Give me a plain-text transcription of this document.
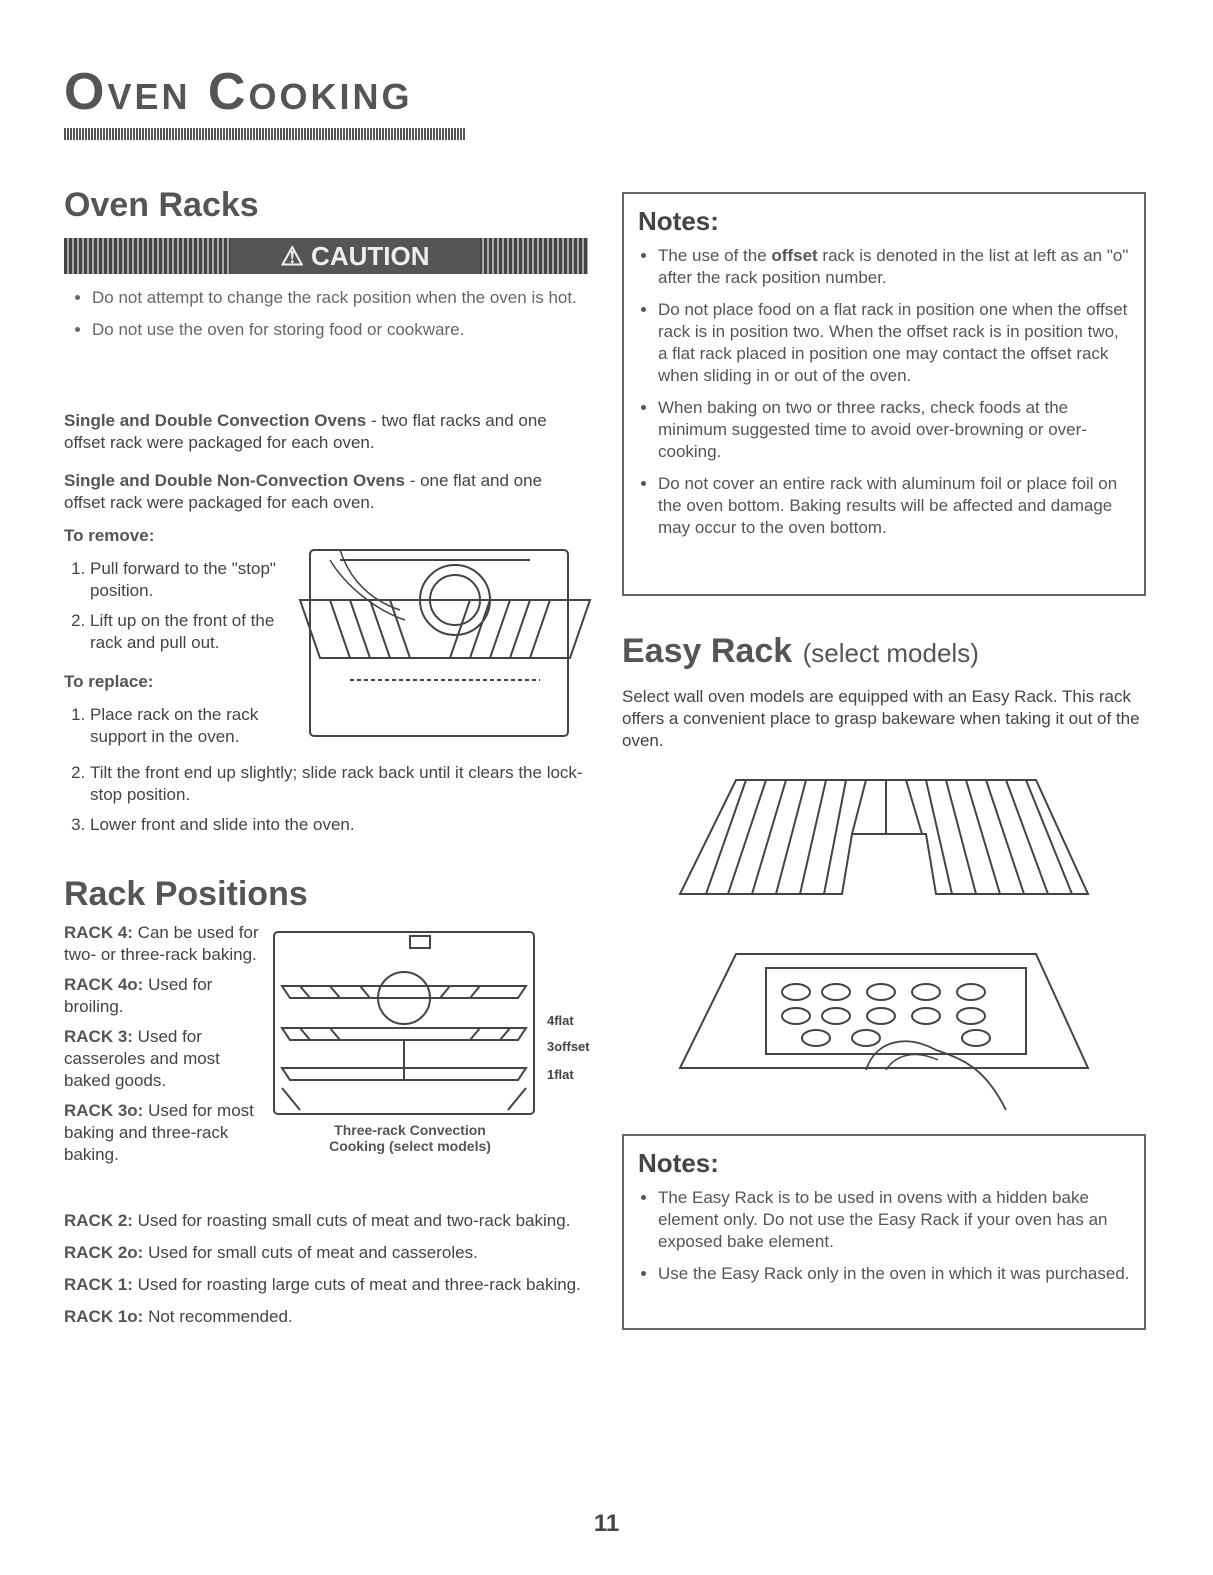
Oven Cooking
Oven Racks
⚠ CAUTION
• Do not attempt to change the rack position when the oven is hot.
• Do not use the oven for storing food or cookware.

Single and Double Convection Ovens - two flat racks and one offset rack were packaged for each oven.

Single and Double Non-Convection Ovens - one flat and one offset rack were packaged for each oven.

To remove:

1. Pull forward to the "stop" position.
2. Lift up on the front of the rack and pull out.

To replace:

1. Place rack on the rack support in the oven.
2. Tilt the front end up slightly; slide rack back until it clears the lock-stop position.
3. Lower front and slide into the oven.
Rack Positions

RACK 4: Can be used for two- or three-rack baking.

RACK 4o: Used for broiling.

RACK 3: Used for casseroles and most baked goods.

RACK 3o: Used for most baking and three-rack baking.

RACK 2: Used for roasting small cuts of meat and two-rack baking.

RACK 2o: Used for small cuts of meat and casseroles.

RACK 1: Used for roasting large cuts of meat and three-rack baking.

RACK 1o: Not recommended.

4flat
3offset
1flat
Three-rack Convection
Cooking (select models)

Notes:

• The use of the offset rack is denoted in the list at left as an "o" after the rack position number.
• Do not place food on a flat rack in position one when the offset rack is in position two. When the offset rack is in position two, a flat rack placed in position one may contact the offset rack when sliding in or out of the oven.
• When baking on two or three racks, check foods at the minimum suggested time to avoid over-browning or over-cooking.
• Do not cover an entire rack with aluminum foil or place foil on the oven bottom. Baking results will be affected and damage may occur to the oven bottom.
Easy Rack (select models)

Select wall oven models are equipped with an Easy Rack. This rack offers a convenient place to grasp bakeware when taking it out of the oven.

Notes:

• The Easy Rack is to be used in ovens with a hidden bake element only. Do not use the Easy Rack if your oven has an exposed bake element.
• Use the Easy Rack only in the oven in which it was purchased.
11
